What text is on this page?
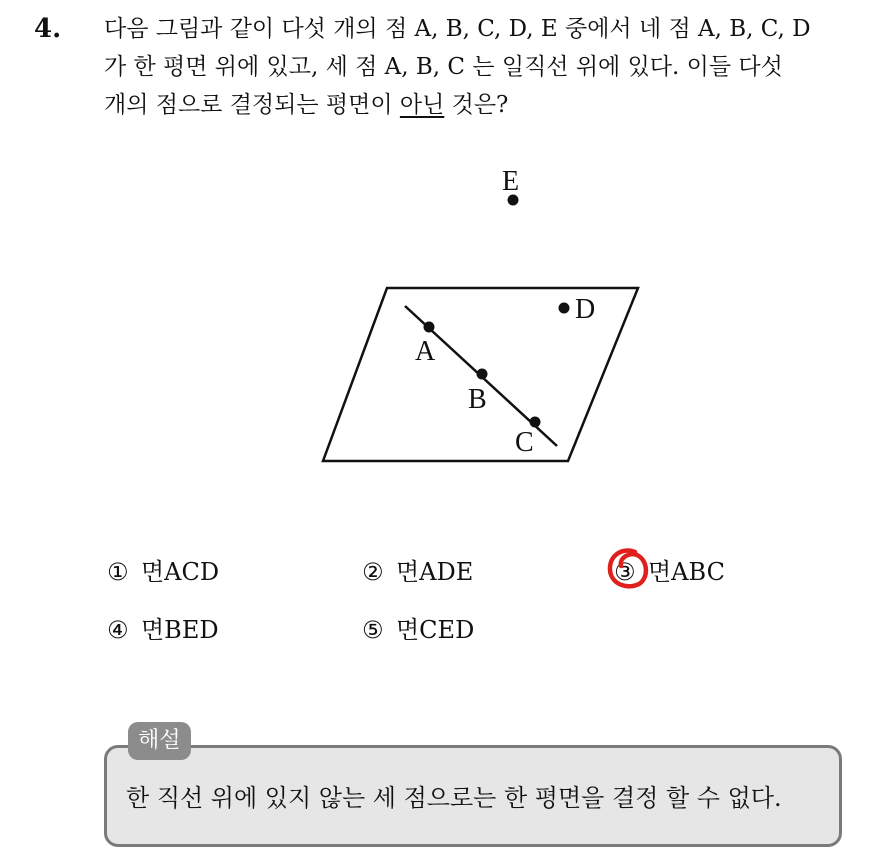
4. 다음 그림과 같이 다섯 개의 점 A, B, C, D, E 중에서 네 점 A, B, C, D
가 한 평면 위에 있고, 세 점 A, B, C 는 일직선 위에 있다. 이들 다섯
개의 점으로 결정되는 평면이 아닌 것은?
E
D
A
B
C
① 면ACD	② 면ADE	③ 면ABC
④ 면BED	⑤ 면CED
해설
한 직선 위에 있지 않는 세 점으로는 한 평면을 결정 할 수 없다.
